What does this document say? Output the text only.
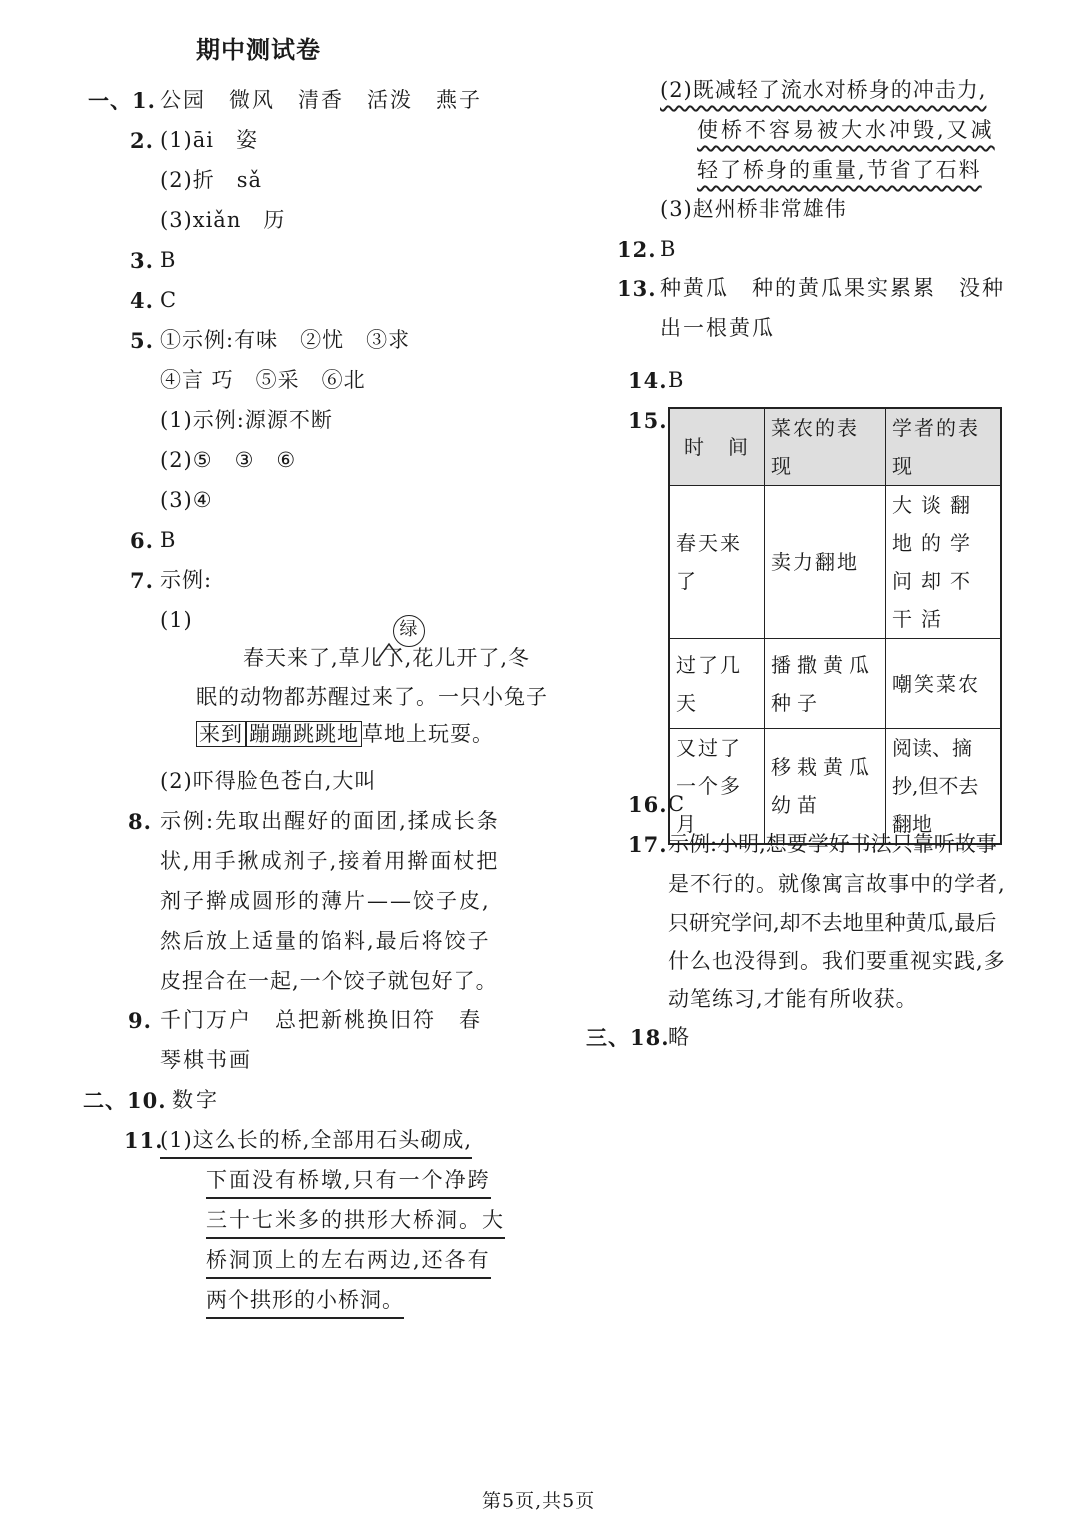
期中测试卷
一、1. 公园　微风　清香　活泼　燕子
2. (1)āi　姿
(2)折　sǎ
(3)xiǎn　历
3. B
4. C
5. ①示例:有味　②忧　③求
④言 巧　⑤采　⑥北
(1)示例:源源不断
(2)⑤　③　⑥
(3)④
6. B
7. 示例:
(1)	绿
春天来了,草儿了,花儿开了,冬
眠的动物都苏醒过来了。一只小兔子
来到 蹦蹦跳跳地 草地上玩耍。
(2)吓得脸色苍白,大叫
8. 示例:先取出醒好的面团,揉成长条
状,用手揪成剂子,接着用擀面杖把
剂子擀成圆形的薄片——饺子皮,
然后放上适量的馅料,最后将饺子
皮捏合在一起,一个饺子就包好了。
9. 千门万户　总把新桃换旧符　春
琴棋书画
二、10. 数字
11.
(1)这么长的桥,全部用石头砌成,
下面没有桥墩,只有一个净跨
三十七米多的拱形大桥洞。大
桥洞顶上的左右两边,还各有
两个拱形的小桥洞。
(2)既减轻了流水对桥身的冲击力,
使桥不容易被大水冲毁,又减
轻了桥身的重量,节省了石料
(3)赵州桥非常雄伟
12. B
13. 种黄瓜　种的黄瓜果实累累　没种
出一根黄瓜
14. B
15.
时　间	菜农的表现	学者的表现
春天来了	卖力翻地	大谈翻地的学问却不干活
过了几天	播撒黄瓜种子	嘲笑菜农
又过了一个多月	移栽黄瓜幼苗	阅读、摘抄,但不去翻地
16. C
17. 示例:小明,想要学好书法只靠听故事
是不行的。就像寓言故事中的学者,
只研究学问,却不去地里种黄瓜,最后
什么也没得到。我们要重视实践,多
动笔练习,才能有所收获。
三、18.
略
第5页,共5页
